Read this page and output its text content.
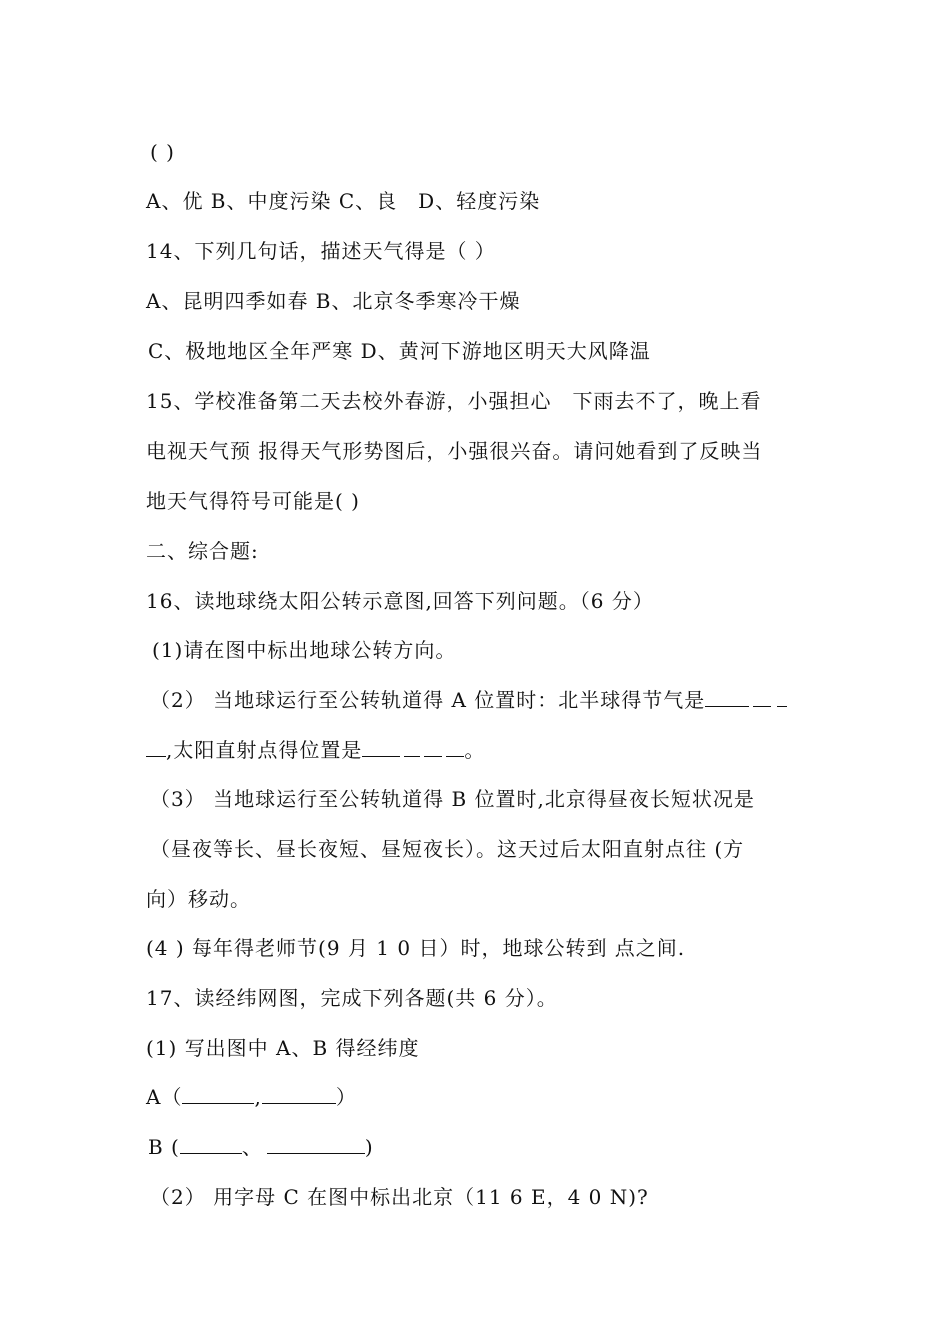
( )
A、优 B、中度污染 C、良　D、轻度污染
14、下列几句话，描述天气得是（ ）
A、昆明四季如春 B、北京冬季寒冷干燥
C、极地地区全年严寒 D、黄河下游地区明天大风降温
15、学校准备第二天去校外春游，小强担心　下雨去不了，晚上看
电视天气预 报得天气形势图后，小强很兴奋。请问她看到了反映当
地天气得符号可能是( )
二、综合题:
16、读地球绕太阳公转示意图,回答下列问题。（6 分）
(1)请在图中标出地球公转方向。
（2） 当地球运行至公转轨道得 A 位置时：北半球得节气是
,太阳直射点得位置是	。
（3） 当地球运行至公转轨道得 B 位置时,北京得昼夜长短状况是
（昼夜等长、昼长夜短、昼短夜长）。这天过后太阳直射点往 (方
向）移动。
(4 ) 每年得老师节(9 月 1 0 日）时，地球公转到 点之间.
17、读经纬网图，完成下列各题(共 6 分）。
(1) 写出图中 A、B 得经纬度
A（	,	）
B (	、	)
（2） 用字母 C 在图中标出北京（11 6 E，4 0 N)?
